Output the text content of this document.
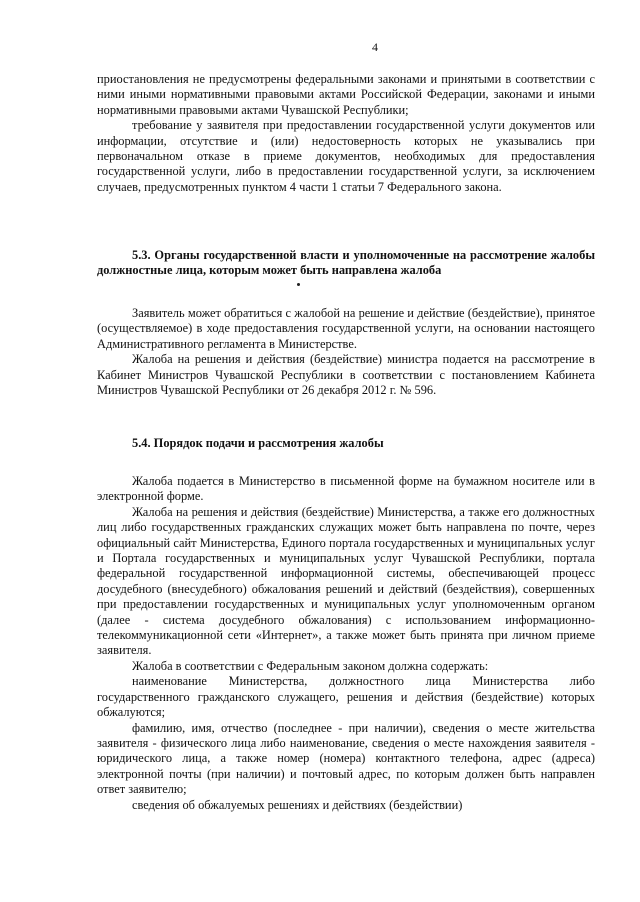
4

приостановления не предусмотрены федеральными законами и принятыми в соответствии с ними иными нормативными правовыми актами Российской Федерации, законами и иными нормативными правовыми актами Чувашской Республики;

требование у заявителя при предоставлении государственной услуги документов или информации, отсутствие и (или) недостоверность которых не указывались при первоначальном отказе в приеме документов, необходимых для предоставления государственной услуги, либо в предоставлении государственной услуги, за исключением случаев, предусмотренных пунктом 4 части 1 статьи 7 Федерального закона.

5.3. Органы государственной власти и уполномоченные на рассмотрение жалобы должностные лица, которым может быть направлена жалоба

Заявитель может обратиться с жалобой на решение и действие (бездействие), принятое (осуществляемое) в ходе предоставления государственной услуги, на основании настоящего Административного регламента в Министерстве.

Жалоба на решения и действия (бездействие) министра подается на рассмотрение в Кабинет Министров Чувашской Республики в соответствии с постановлением Кабинета Министров Чувашской Республики от 26 декабря 2012 г. № 596.

5.4. Порядок подачи и рассмотрения жалобы

Жалоба подается в Министерство в письменной форме на бумажном носителе или в электронной форме.

Жалоба на решения и действия (бездействие) Министерства, а также его должностных лиц либо государственных гражданских служащих может быть направлена по почте, через официальный сайт Министерства, Единого портала государственных и муниципальных услуг и Портала государственных и муниципальных услуг Чувашской Республики, портала федеральной государственной информационной системы, обеспечивающей процесс досудебного (внесудебного) обжалования решений и действий (бездействия), совершенных при предоставлении государственных и муниципальных услуг уполномоченным органом (далее - система досудебного обжалования) с использованием информационно-телекоммуникационной сети «Интернет», а также может быть принята при личном приеме заявителя.

Жалоба в соответствии с Федеральным законом должна содержать:

наименование Министерства, должностного лица Министерства либо государственного гражданского служащего, решения и действия (бездействие) которых обжалуются;

фамилию, имя, отчество (последнее - при наличии), сведения о месте жительства заявителя - физического лица либо наименование, сведения о месте нахождения заявителя - юридического лица, а также номер (номера) контактного телефона, адрес (адреса) электронной почты (при наличии) и почтовый адрес, по которым должен быть направлен ответ заявителю;

сведения об обжалуемых решениях и действиях (бездействии)
